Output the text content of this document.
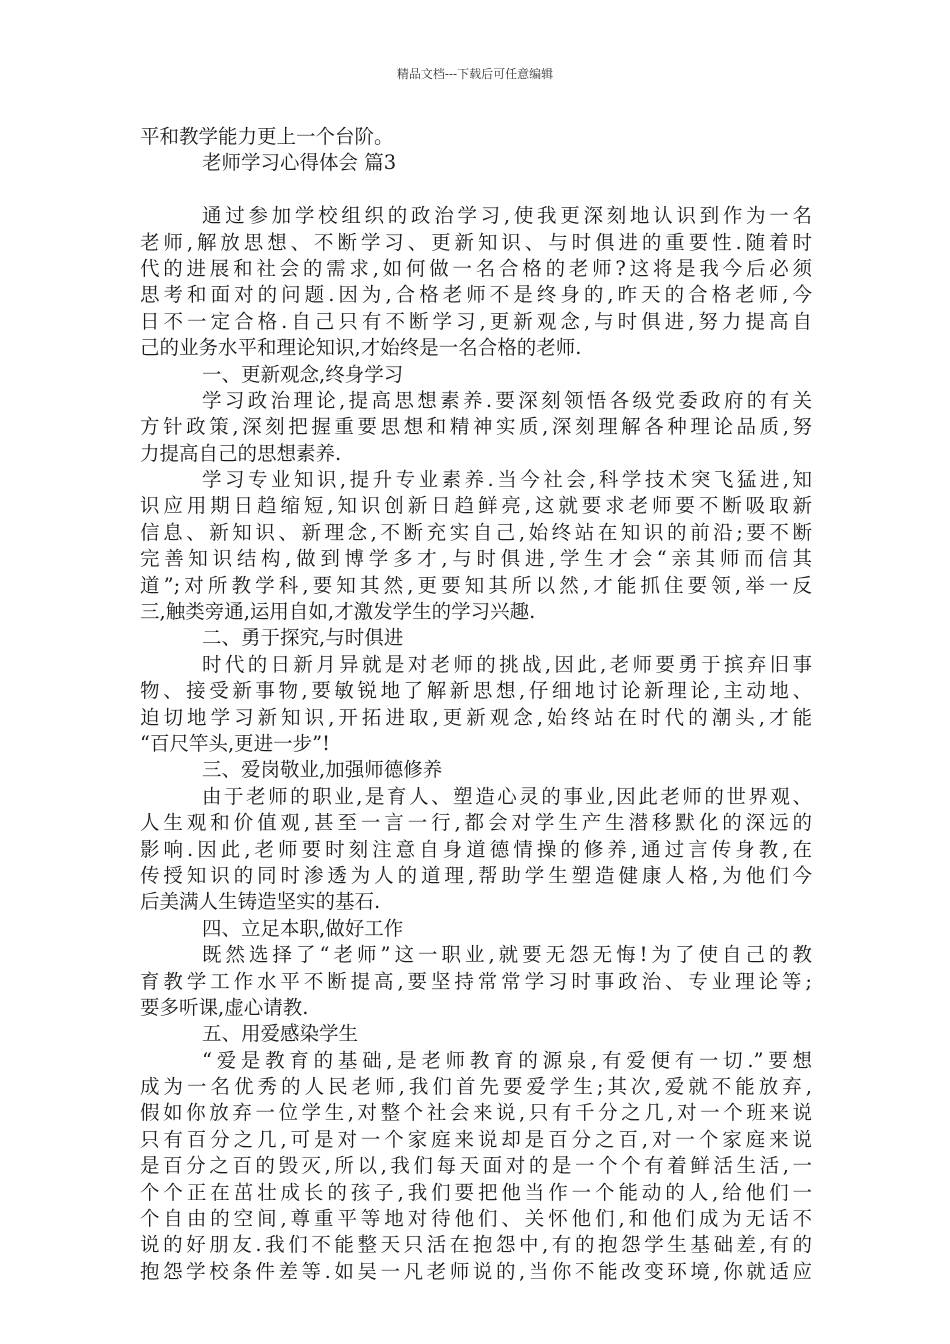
精品文档---下载后可任意编辑
平和教学能力更上一个台阶。
老师学习心得体会 篇3
通过参加学校组织的政治学习,使我更深刻地认识到作为一名
老师,解放思想、不断学习、更新知识、与时俱进的重要性.随着时
代的进展和社会的需求,如何做一名合格的老师?这将是我今后必须
思考和面对的问题.因为,合格老师不是终身的,昨天的合格老师,今
日不一定合格.自己只有不断学习,更新观念,与时俱进,努力提高自
己的业务水平和理论知识,才始终是一名合格的老师.
一、更新观念,终身学习
学习政治理论,提高思想素养.要深刻领悟各级党委政府的有关
方针政策,深刻把握重要思想和精神实质,深刻理解各种理论品质,努
力提高自己的思想素养.
学习专业知识,提升专业素养.当今社会,科学技术突飞猛进,知
识应用期日趋缩短,知识创新日趋鲜亮,这就要求老师要不断吸取新
信息、新知识、新理念,不断充实自己,始终站在知识的前沿;要不断
完善知识结构,做到博学多才,与时俱进,学生才会“亲其师而信其
道”;对所教学科,要知其然,更要知其所以然,才能抓住要领,举一反
三,触类旁通,运用自如,才激发学生的学习兴趣.
二、勇于探究,与时俱进
时代的日新月异就是对老师的挑战,因此,老师要勇于摈弃旧事
物、接受新事物,要敏锐地了解新思想,仔细地讨论新理论,主动地、
迫切地学习新知识,开拓进取,更新观念,始终站在时代的潮头,才能
“百尺竿头,更进一步”!
三、爱岗敬业,加强师德修养
由于老师的职业,是育人、塑造心灵的事业,因此老师的世界观、
人生观和价值观,甚至一言一行,都会对学生产生潜移默化的深远的
影响.因此,老师要时刻注意自身道德情操的修养,通过言传身教,在
传授知识的同时渗透为人的道理,帮助学生塑造健康人格,为他们今
后美满人生铸造坚实的基石.
四、立足本职,做好工作
既然选择了“老师”这一职业,就要无怨无悔!为了使自己的教
育教学工作水平不断提高,要坚持常常学习时事政治、专业理论等;
要多听课,虚心请教.
五、用爱感染学生
“爱是教育的基础,是老师教育的源泉,有爱便有一切.”要想
成为一名优秀的人民老师,我们首先要爱学生;其次,爱就不能放弃,
假如你放弃一位学生,对整个社会来说,只有千分之几,对一个班来说
只有百分之几,可是对一个家庭来说却是百分之百,对一个家庭来说
是百分之百的毁灭,所以,我们每天面对的是一个个有着鲜活生活,一
个个正在茁壮成长的孩子,我们要把他当作一个能动的人,给他们一
个自由的空间,尊重平等地对待他们、关怀他们,和他们成为无话不
说的好朋友.我们不能整天只活在抱怨中,有的抱怨学生基础差,有的
抱怨学校条件差等.如吴一凡老师说的,当你不能改变环境,你就适应
